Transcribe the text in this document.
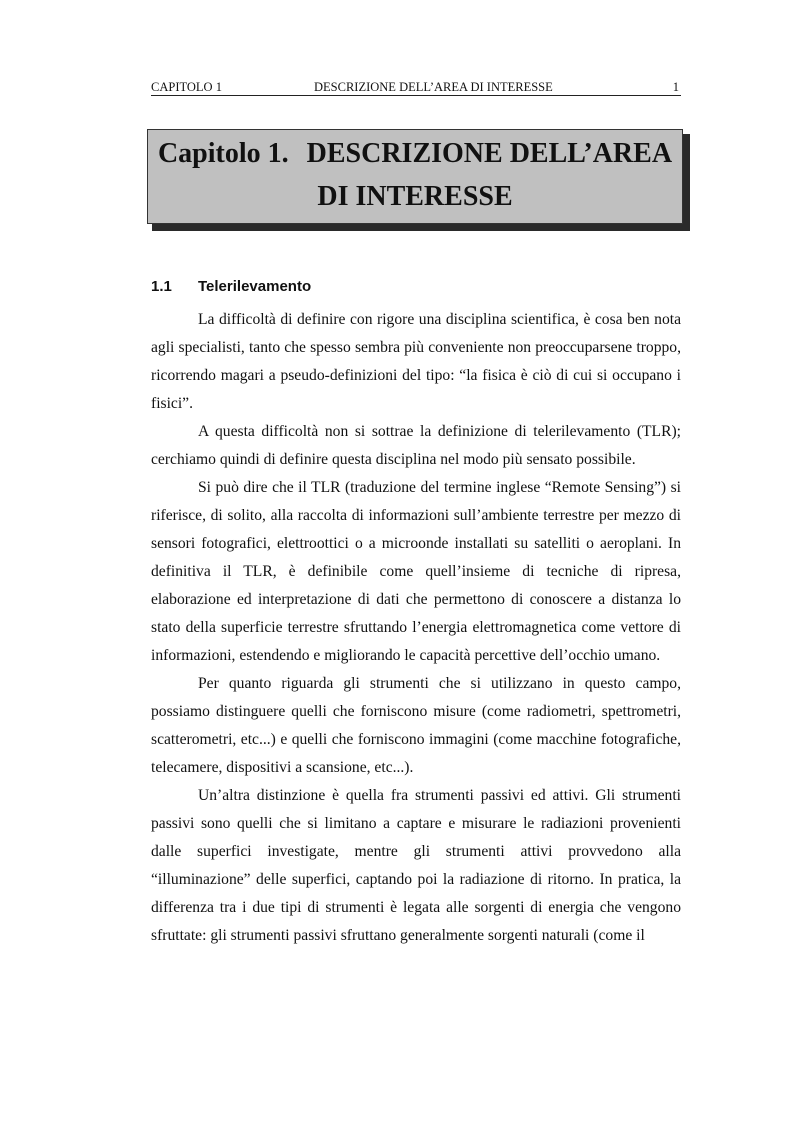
CAPITOLO 1	DESCRIZIONE DELL’AREA DI INTERESSE	1
Capitolo 1. DESCRIZIONE DELL’AREA
DI INTERESSE
1.1 Telerilevamento

La difficoltà di definire con rigore una disciplina scientifica, è cosa ben nota agli specialisti, tanto che spesso sembra più conveniente non preoccuparsene troppo, ricorrendo magari a pseudo-definizioni del tipo: “la fisica è ciò di cui si occupano i fisici”.

A questa difficoltà non si sottrae la definizione di telerilevamento (TLR); cerchiamo quindi di definire questa disciplina nel modo più sensato possibile.

Si può dire che il TLR (traduzione del termine inglese “Remote Sensing”) si riferisce, di solito, alla raccolta di informazioni sull’ambiente terrestre per mezzo di sensori fotografici, elettroottici o a microonde installati su satelliti o aeroplani. In definitiva il TLR, è definibile come quell’insieme di tecniche di ripresa, elaborazione ed interpretazione di dati che permettono di conoscere a distanza lo stato della superficie terrestre sfruttando l’energia elettromagnetica come vettore di informazioni, estendendo e migliorando le capacità percettive dell’occhio umano.

Per quanto riguarda gli strumenti che si utilizzano in questo campo, possiamo distinguere quelli che forniscono misure (come radiometri, spettrometri, scatterometri, etc...) e quelli che forniscono immagini (come macchine fotografiche, telecamere, dispositivi a scansione, etc...).

Un’altra distinzione è quella fra strumenti passivi ed attivi. Gli strumenti passivi sono quelli che si limitano a captare e misurare le radiazioni provenienti dalle superfici investigate, mentre gli strumenti attivi provvedono alla “illuminazione” delle superfici, captando poi la radiazione di ritorno. In pratica, la differenza tra i due tipi di strumenti è legata alle sorgenti di energia che vengono sfruttate: gli strumenti passivi sfruttano generalmente sorgenti naturali (come il
